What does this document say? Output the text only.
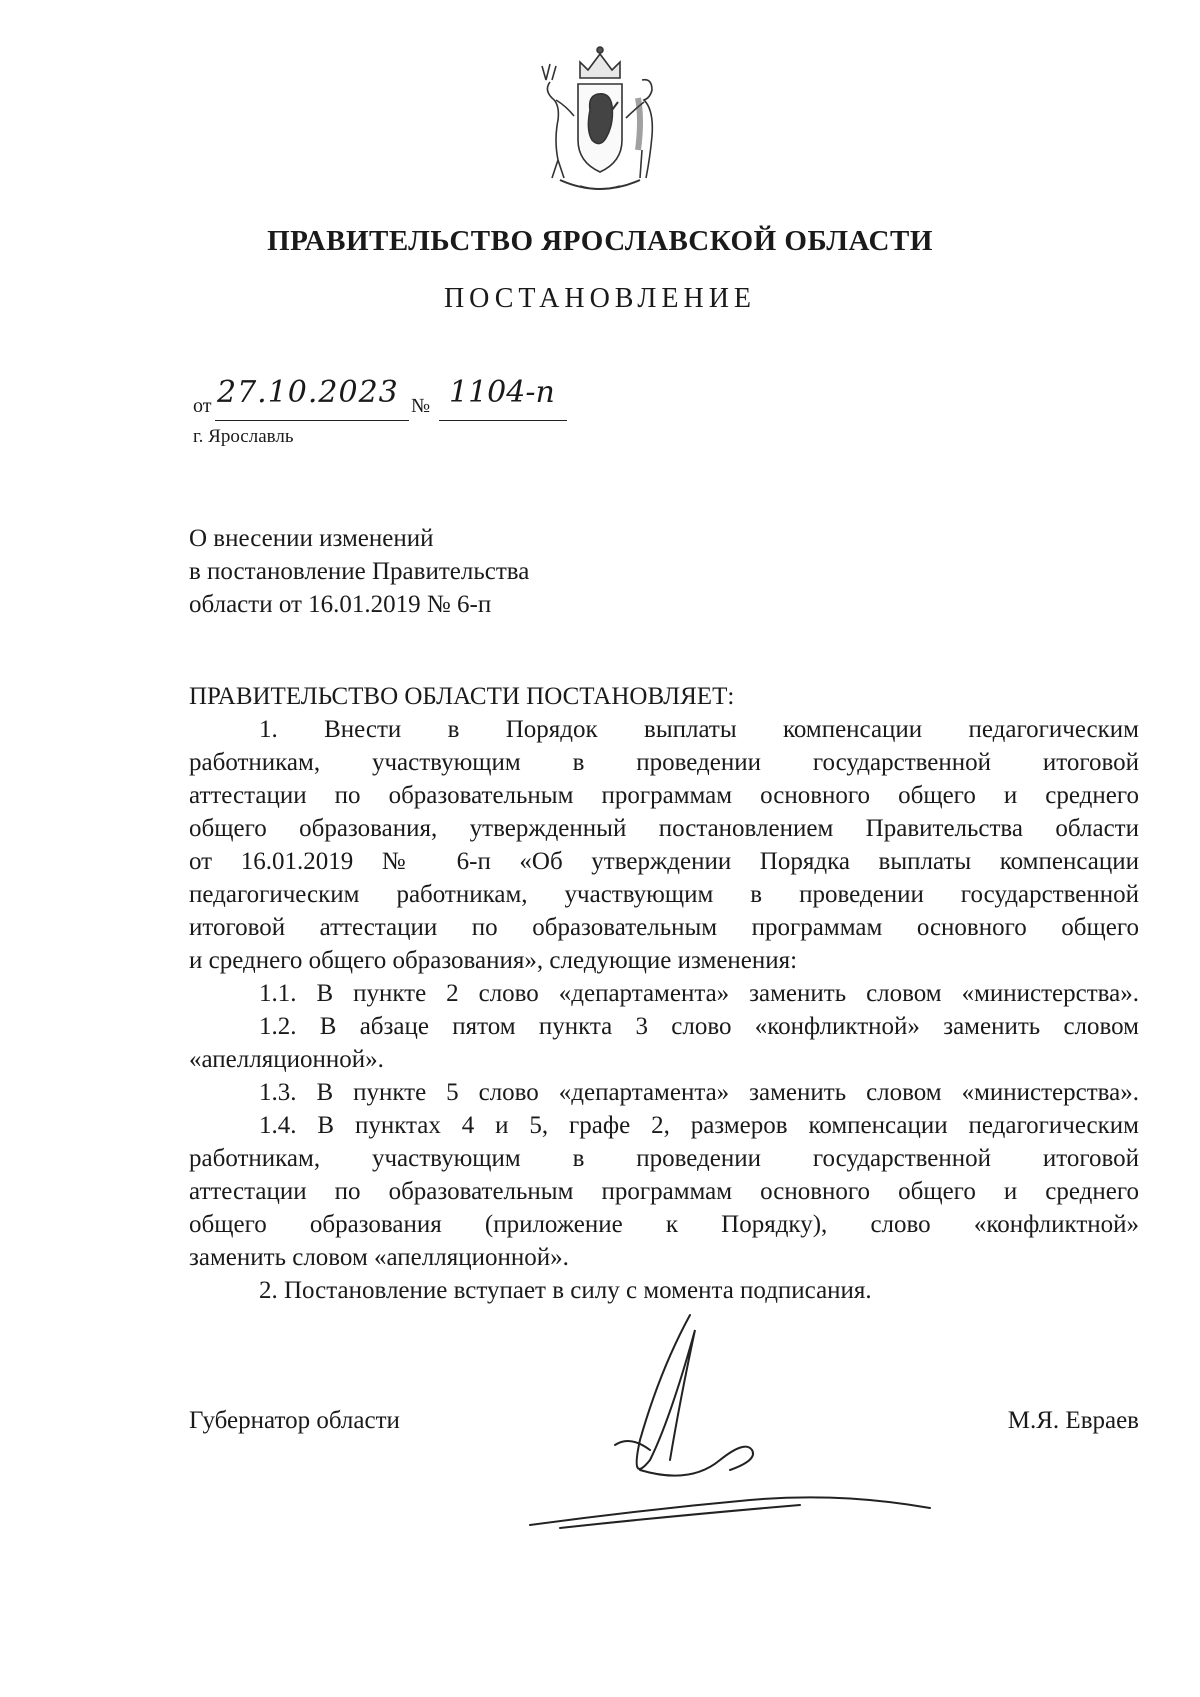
ПРАВИТЕЛЬСТВО ЯРОСЛАВСКОЙ ОБЛАСТИ
ПОСТАНОВЛЕНИЕ
от 27.10.2023 № 1104-п
г. Ярославль
О внесении изменений
в постановление Правительства
области от 16.01.2019 № 6-п

ПРАВИТЕЛЬСТВО ОБЛАСТИ ПОСТАНОВЛЯЕТ:

1. Внести в Порядок выплаты компенсации педагогическим

работникам, участвующим в проведении государственной итоговой

аттестации по образовательным программам основного общего и среднего

общего образования, утвержденный постановлением Правительства области

от 16.01.2019 № 6-п «Об утверждении Порядка выплаты компенсации

педагогическим работникам, участвующим в проведении государственной

итоговой аттестации по образовательным программам основного общего

и среднего общего образования», следующие изменения:

1.1. В пункте 2 слово «департамента» заменить словом «министерства».

1.2. В абзаце пятом пункта 3 слово «конфликтной» заменить словом

«апелляционной».

1.3. В пункте 5 слово «департамента» заменить словом «министерства».

1.4. В пунктах 4 и 5, графе 2, размеров компенсации педагогическим

работникам, участвующим в проведении государственной итоговой

аттестации по образовательным программам основного общего и среднего

общего образования (приложение к Порядку), слово «конфликтной»

заменить словом «апелляционной».

2. Постановление вступает в силу с момента подписания.

Губернатор области	М.Я. Евраев
